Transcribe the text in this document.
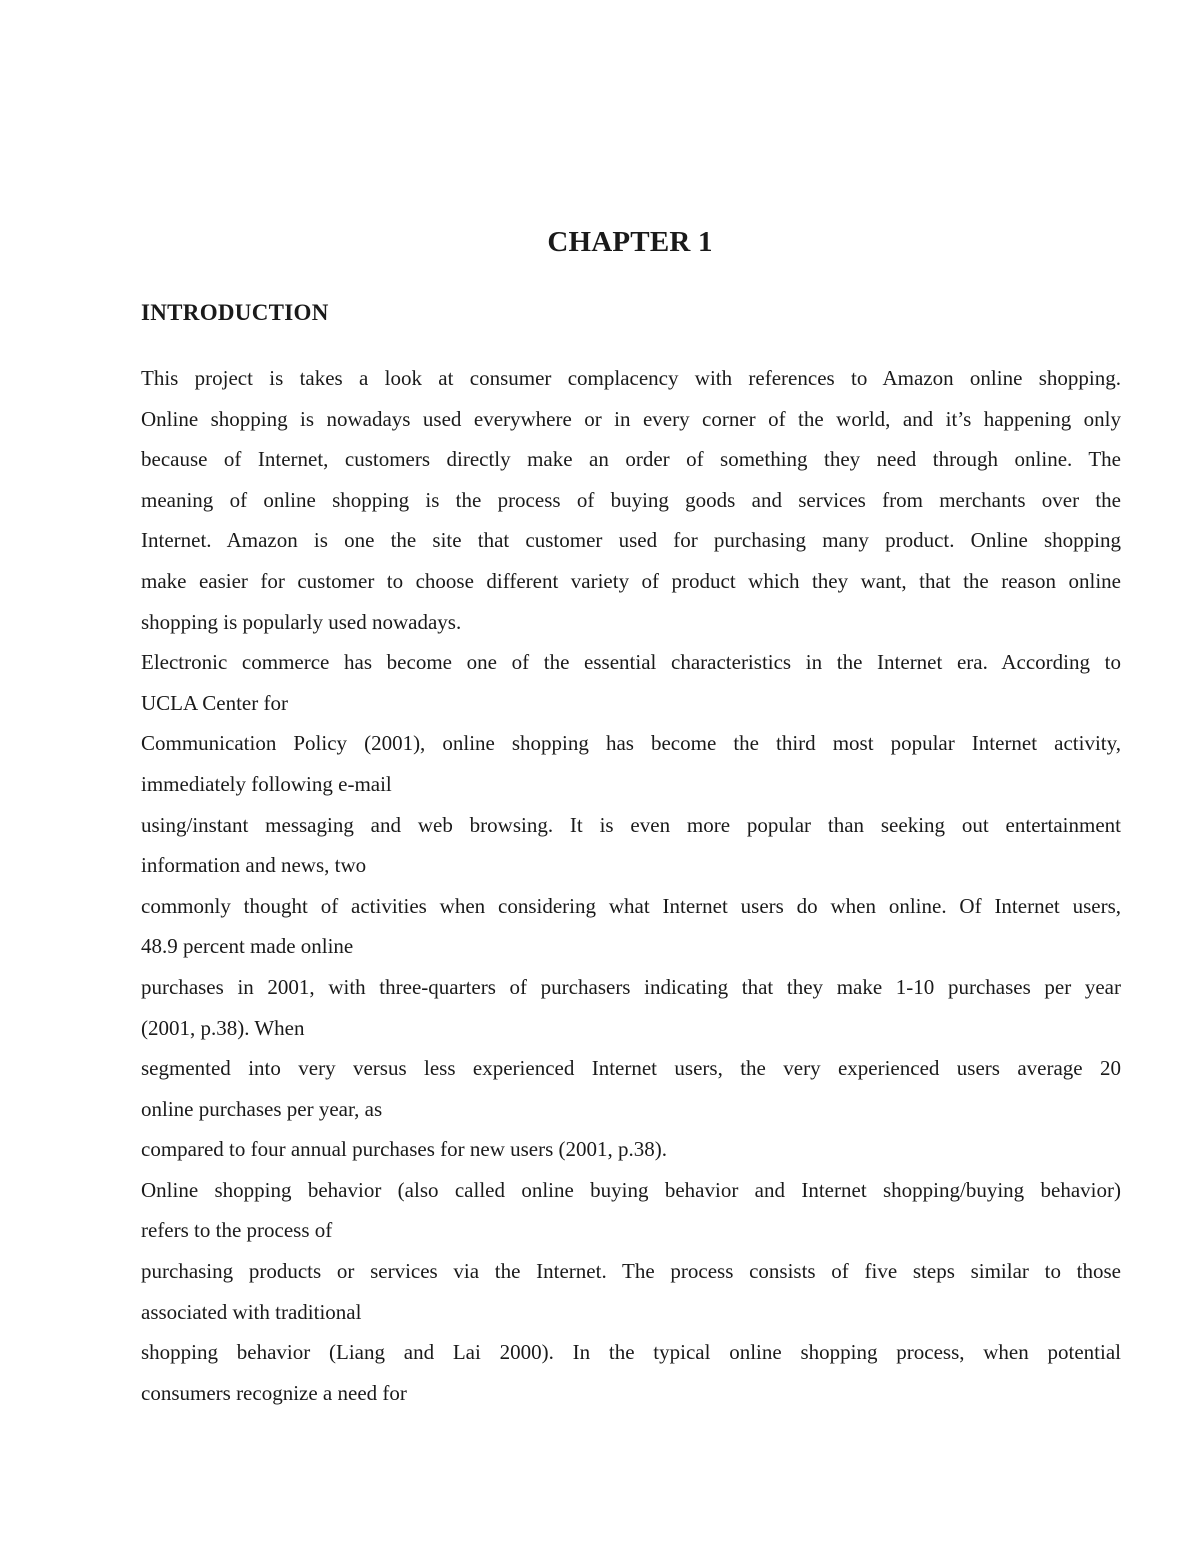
CHAPTER 1
INTRODUCTION
This project is takes a look at consumer complacency with references to Amazon online shopping.
Online shopping is nowadays used everywhere or in every corner of the world, and it’s happening only
because of Internet, customers directly make an order of something they need through online. The
meaning of online shopping is the process of buying goods and services from merchants over the
Internet. Amazon is one the site that customer used for purchasing many product. Online shopping
make easier for customer to choose different variety of product which they want, that the reason online
shopping is popularly used nowadays.
Electronic commerce has become one of the essential characteristics in the Internet era. According to
UCLA Center for
Communication Policy (2001), online shopping has become the third most popular Internet activity,
immediately following e-mail
using/instant messaging and web browsing. It is even more popular than seeking out entertainment
information and news, two
commonly thought of activities when considering what Internet users do when online. Of Internet users,
48.9 percent made online
purchases in 2001, with three-quarters of purchasers indicating that they make 1-10 purchases per year
(2001, p.38). When
segmented into very versus less experienced Internet users, the very experienced users average 20
online purchases per year, as
compared to four annual purchases for new users (2001, p.38).
Online shopping behavior (also called online buying behavior and Internet shopping/buying behavior)
refers to the process of
purchasing products or services via the Internet. The process consists of five steps similar to those
associated with traditional
shopping behavior (Liang and Lai 2000). In the typical online shopping process, when potential
consumers recognize a need for
